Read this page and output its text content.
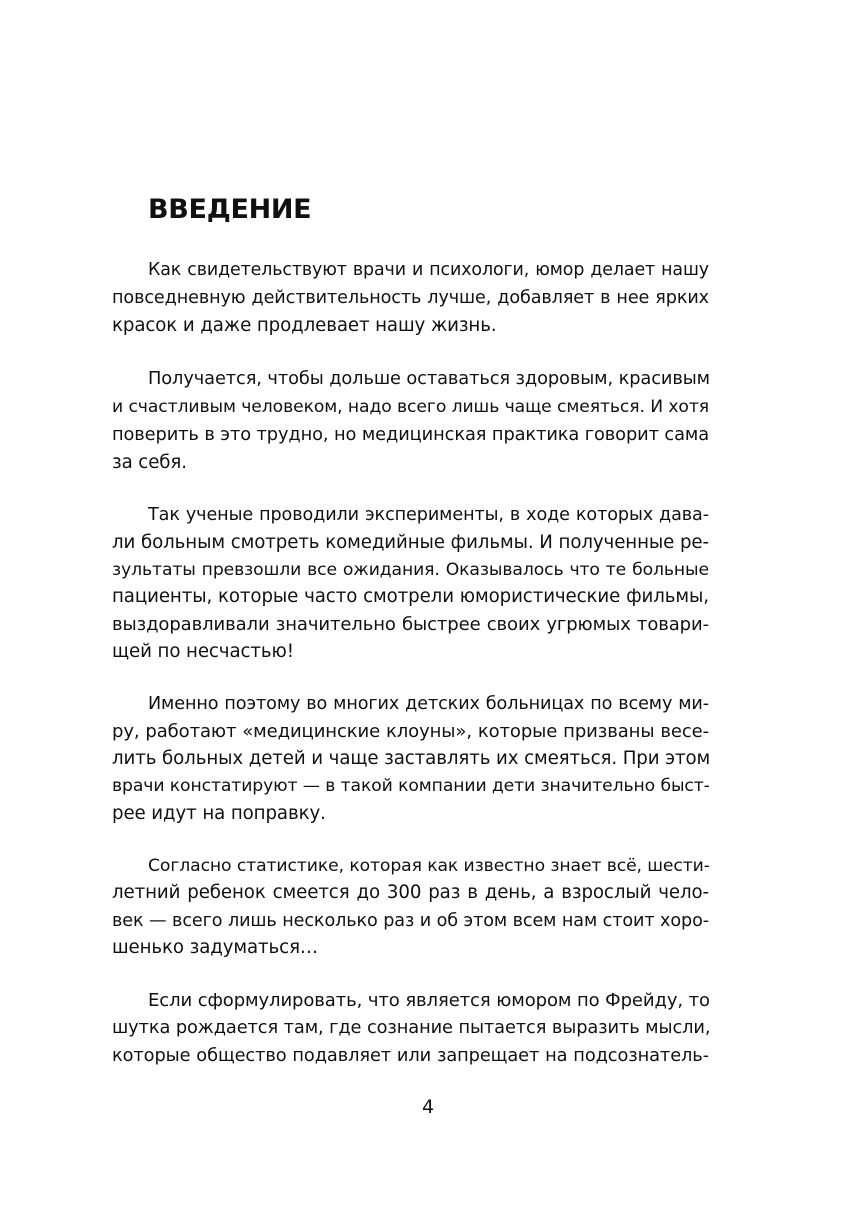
ВВЕДЕНИЕ
Как свидетельствуют врачи и психологи, юмор делает нашу
повседневную действительность лучше, добавляет в нее ярких
красок и даже продлевает нашу жизнь.
Получается, чтобы дольше оставаться здоровым, красивым
и счастливым человеком, надо всего лишь чаще смеяться. И хотя
поверить в это трудно, но медицинская практика говорит сама
за себя.
Так ученые проводили эксперименты, в ходе которых дава-
ли больным смотреть комедийные фильмы. И полученные ре-
зультаты превзошли все ожидания. Оказывалось что те больные
пациенты, которые часто смотрели юмористические фильмы,
выздоравливали значительно быстрее своих угрюмых товари-
щей по несчастью!
Именно поэтому во многих детских больницах по всему ми-
ру, работают «медицинские клоуны», которые призваны весе-
лить больных детей и чаще заставлять их смеяться. При этом
врачи констатируют — в такой компании дети значительно быст-
рее идут на поправку.
Согласно статистике, которая как известно знает всё, шести-
летний ребенок смеется до 300 раз в день, а взрослый чело-
век — всего лишь несколько раз и об этом всем нам стоит хоро-
шенько задуматься…
Если сформулировать, что является юмором по Фрейду, то
шутка рождается там, где сознание пытается выразить мысли,
которые общество подавляет или запрещает на подсознатель-
4
